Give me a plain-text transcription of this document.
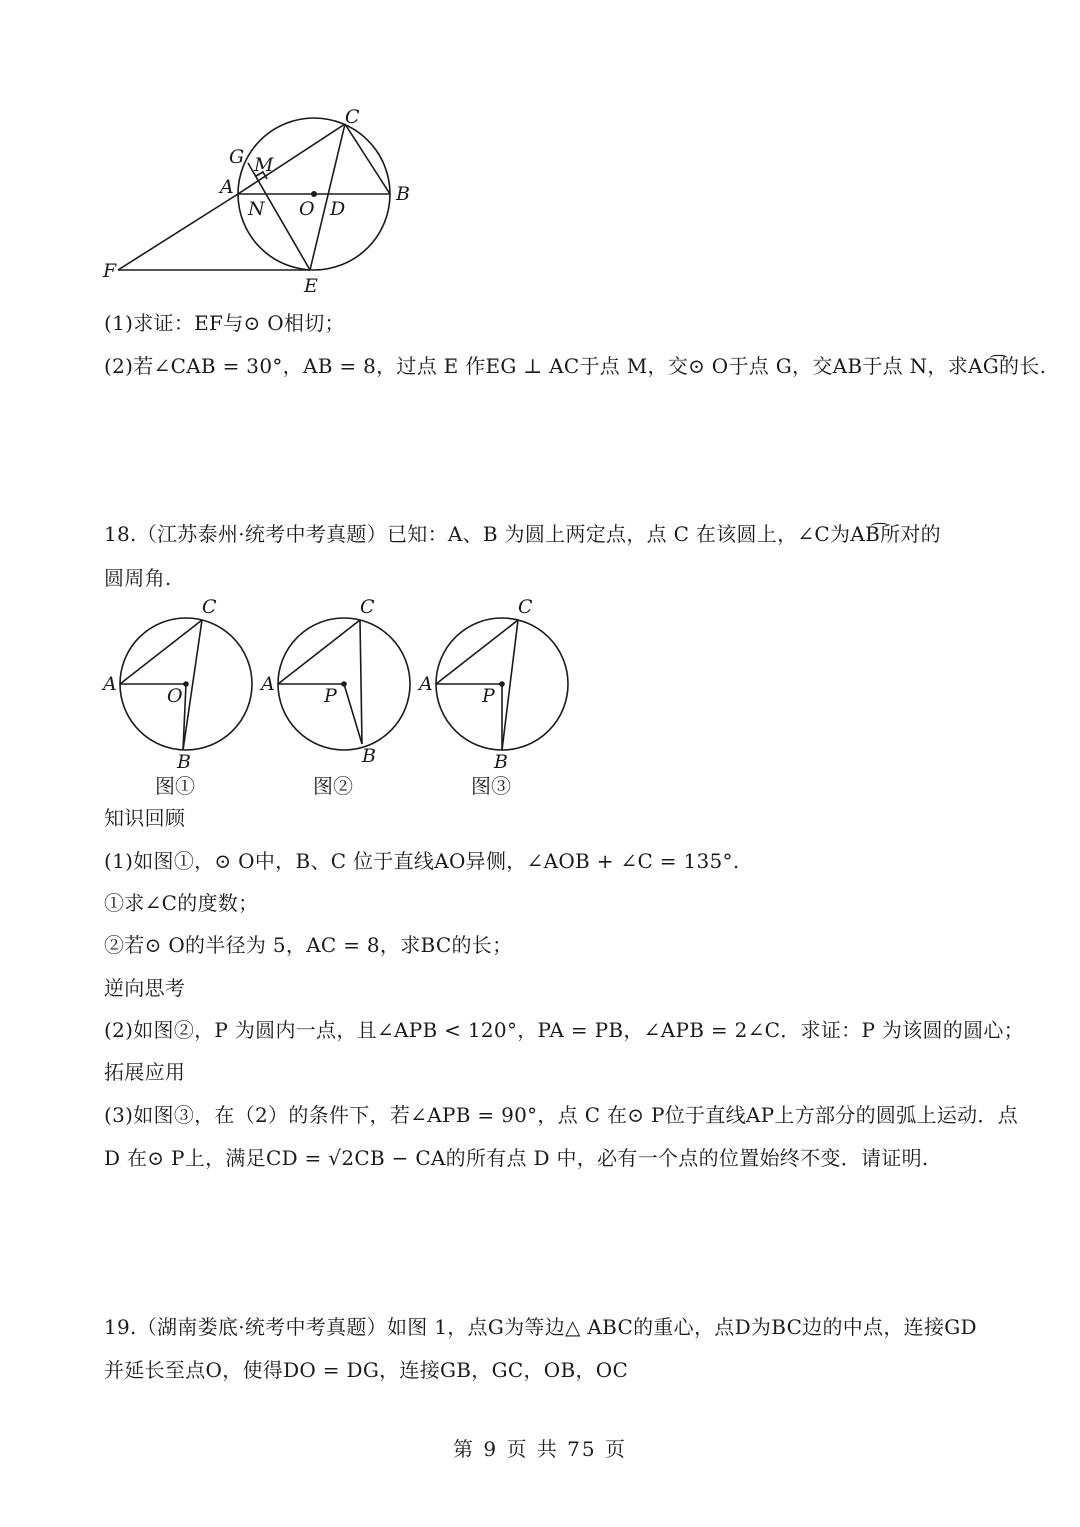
C
G M
A	B
N O D
F
E
(1)求证：EF与⊙ O相切；
(2)若∠CAB = 30°，AB = 8，过点 E 作EG ⊥ AC于点 M，交⊙ O于点 G，交AB于点 N，求AG͡的长.
18.（江苏泰州·统考中考真题）已知：A、B 为圆上两定点，点 C 在该圆上，∠C为AB͡所对的
圆周角.
C
A
O
B
图①
C
A
P
B
图②
C
A
P
B
图③
知识回顾
(1)如图①，⊙ O中，B、C 位于直线AO异侧，∠AOB + ∠C = 135°.
①求∠C的度数；
②若⊙ O的半径为 5，AC = 8，求BC的长；
逆向思考
(2)如图②，P 为圆内一点，且∠APB < 120°，PA = PB，∠APB = 2∠C．求证：P 为该圆的圆心；
拓展应用
(3)如图③，在（2）的条件下，若∠APB = 90°，点 C 在⊙ P位于直线AP上方部分的圆弧上运动．点
D 在⊙ P上，满足CD = √2CB − CA的所有点 D 中，必有一个点的位置始终不变．请证明.
19.（湖南娄底·统考中考真题）如图 1，点G为等边△ ABC的重心，点D为BC边的中点，连接GD
并延长至点O，使得DO = DG，连接GB，GC，OB，OC
第 9 页 共 75 页
